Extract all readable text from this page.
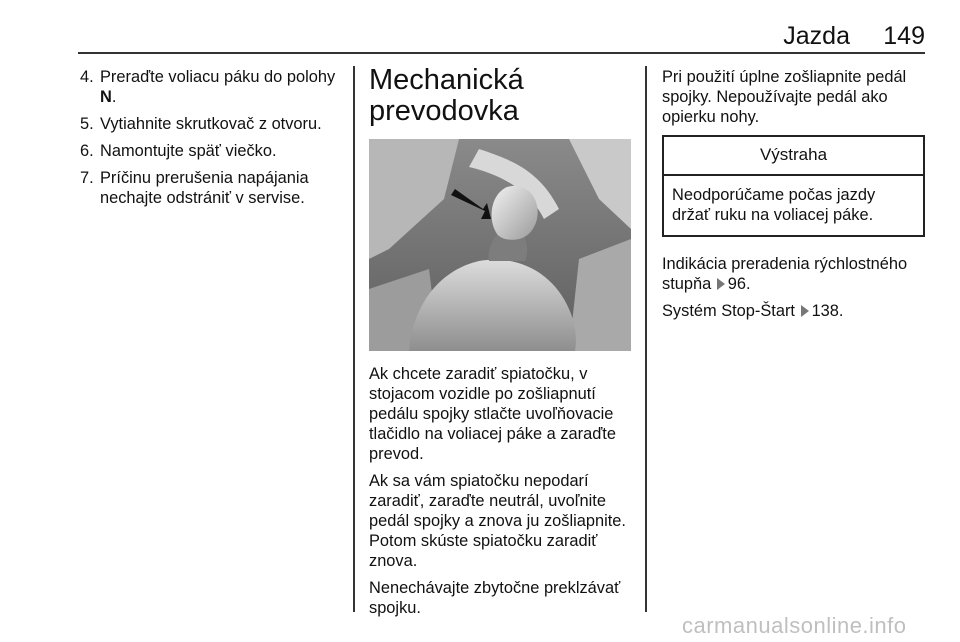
Jazda	149
4. Preraďte voliacu páku do polohy
N.
5. Vytiahnite skrutkovač z otvoru.
6. Namontujte späť viečko.
7. Príčinu prerušenia napájania nechajte odstrániť v servise.
Mechanická
prevodovka

Ak chcete zaradiť spiatočku, v stojacom vozidle po zošliapnutí pedálu spojky stlačte uvoľňovacie tlačidlo na voliacej páke a zaraďte prevod.

Ak sa vám spiatočku nepodarí zaradiť, zaraďte neutrál, uvoľnite pedál spojky a znova ju zošliapnite. Potom skúste spiatočku zaradiť znova.

Nenechávajte zbytočne preklzávať spojku.

Pri použití úplne zošliapnite pedál spojky. Nepoužívajte pedál ako opierku nohy.

Výstraha
Neodporúčame počas jazdy držať ruku na voliacej páke.

Indikácia preradenia rýchlostného stupňa 96.

Systém Stop-Štart 138.

carmanualsonline.info
